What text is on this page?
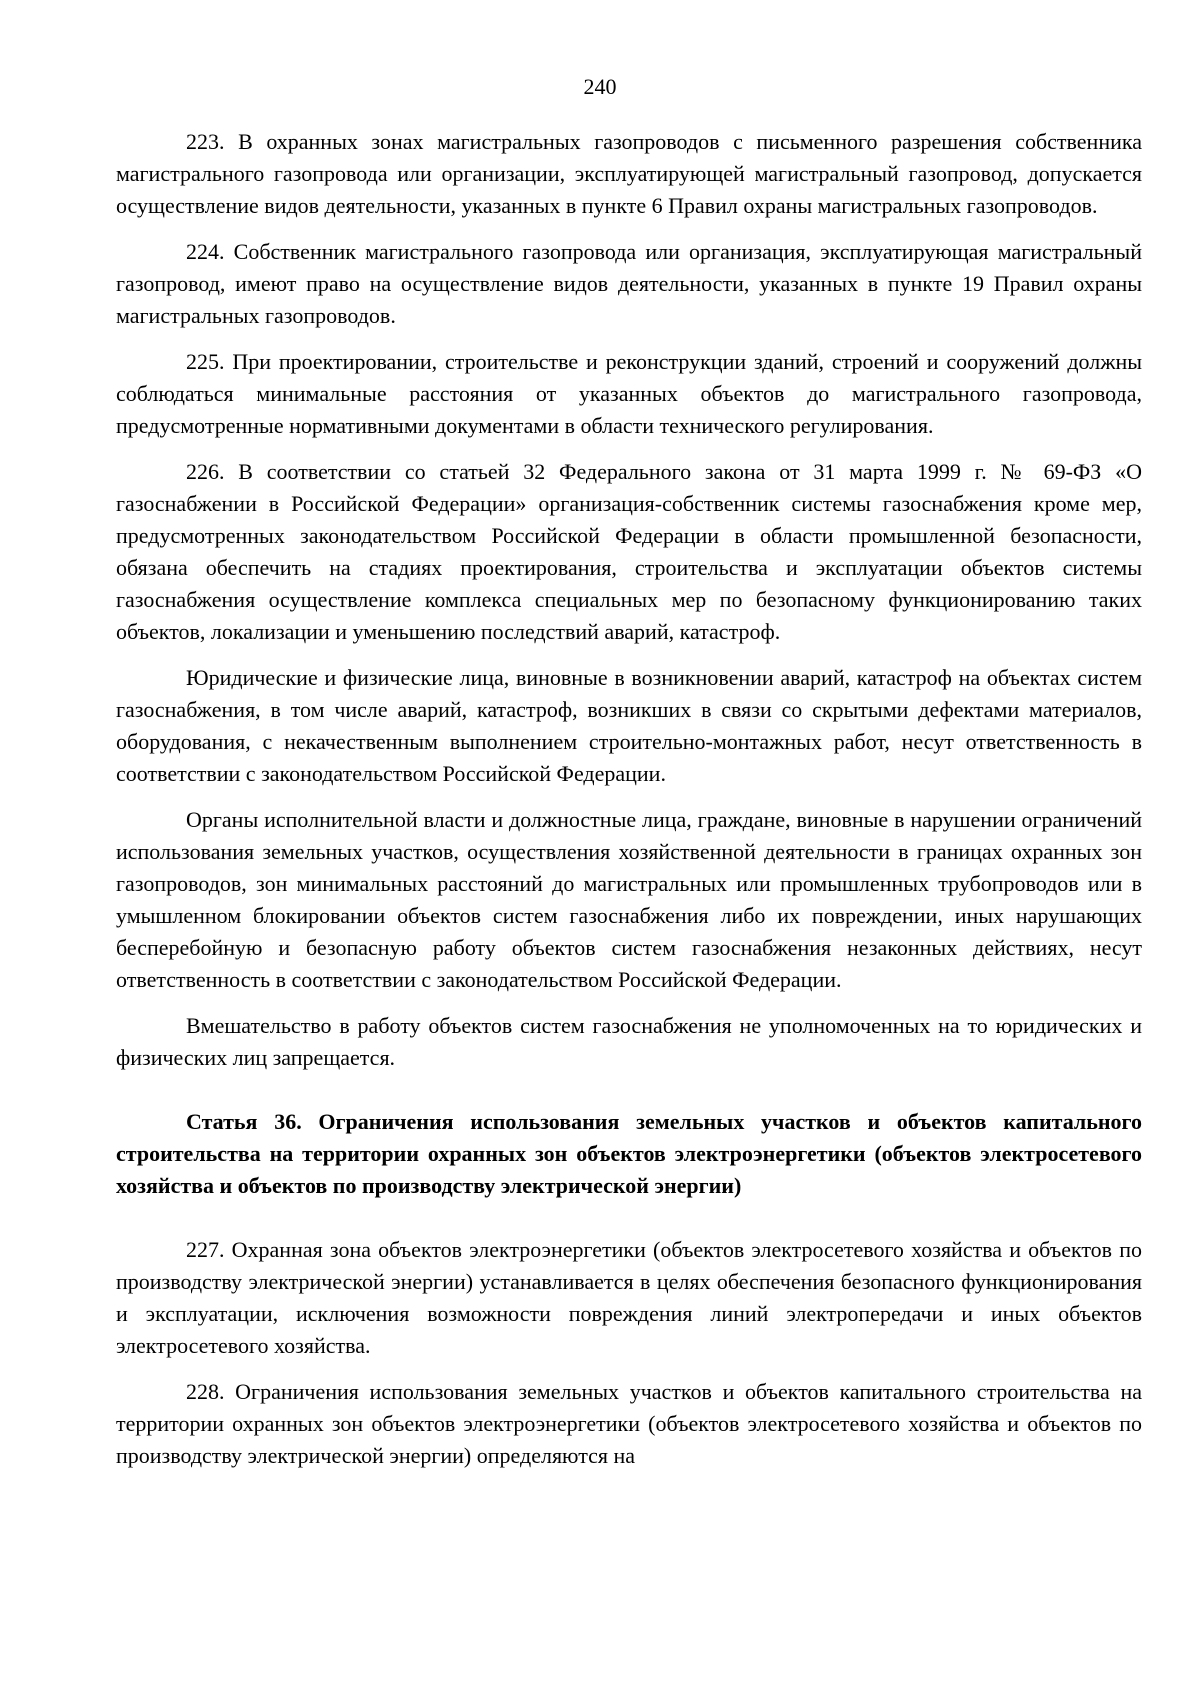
240

223. В охранных зонах магистральных газопроводов с письменного разрешения собственника магистрального газопровода или организации, эксплуатирующей магистральный газопровод, допускается осуществление видов деятельности, указанных в пункте 6 Правил охраны магистральных газопроводов.

224. Собственник магистрального газопровода или организация, эксплуатирующая магистральный газопровод, имеют право на осуществление видов деятельности, указанных в пункте 19 Правил охраны магистральных газопроводов.

225. При проектировании, строительстве и реконструкции зданий, строений и сооружений должны соблюдаться минимальные расстояния от указанных объектов до магистрального газопровода, предусмотренные нормативными документами в области технического регулирования.

226. В соответствии со статьей 32 Федерального закона от 31 марта 1999 г. № 69-ФЗ «О газоснабжении в Российской Федерации» организация-собственник системы газоснабжения кроме мер, предусмотренных законодательством Российской Федерации в области промышленной безопасности, обязана обеспечить на стадиях проектирования, строительства и эксплуатации объектов системы газоснабжения осуществление комплекса специальных мер по безопасному функционированию таких объектов, локализации и уменьшению последствий аварий, катастроф.

Юридические и физические лица, виновные в возникновении аварий, катастроф на объектах систем газоснабжения, в том числе аварий, катастроф, возникших в связи со скрытыми дефектами материалов, оборудования, с некачественным выполнением строительно-монтажных работ, несут ответственность в соответствии с законодательством Российской Федерации.

Органы исполнительной власти и должностные лица, граждане, виновные в нарушении ограничений использования земельных участков, осуществления хозяйственной деятельности в границах охранных зон газопроводов, зон минимальных расстояний до магистральных или промышленных трубопроводов или в умышленном блокировании объектов систем газоснабжения либо их повреждении, иных нарушающих бесперебойную и безопасную работу объектов систем газоснабжения незаконных действиях, несут ответственность в соответствии с законодательством Российской Федерации.

Вмешательство в работу объектов систем газоснабжения не уполномоченных на то юридических и физических лиц запрещается.

Статья 36. Ограничения использования земельных участков и объектов капитального строительства на территории охранных зон объектов электроэнергетики (объектов электросетевого хозяйства и объектов по производству электрической энергии)

227. Охранная зона объектов электроэнергетики (объектов электросетевого хозяйства и объектов по производству электрической энергии) устанавливается в целях обеспечения безопасного функционирования и эксплуатации, исключения возможности повреждения линий электропередачи и иных объектов электросетевого хозяйства.

228. Ограничения использования земельных участков и объектов капитального строительства на территории охранных зон объектов электроэнергетики (объектов электросетевого хозяйства и объектов по производству электрической энергии) определяются на
